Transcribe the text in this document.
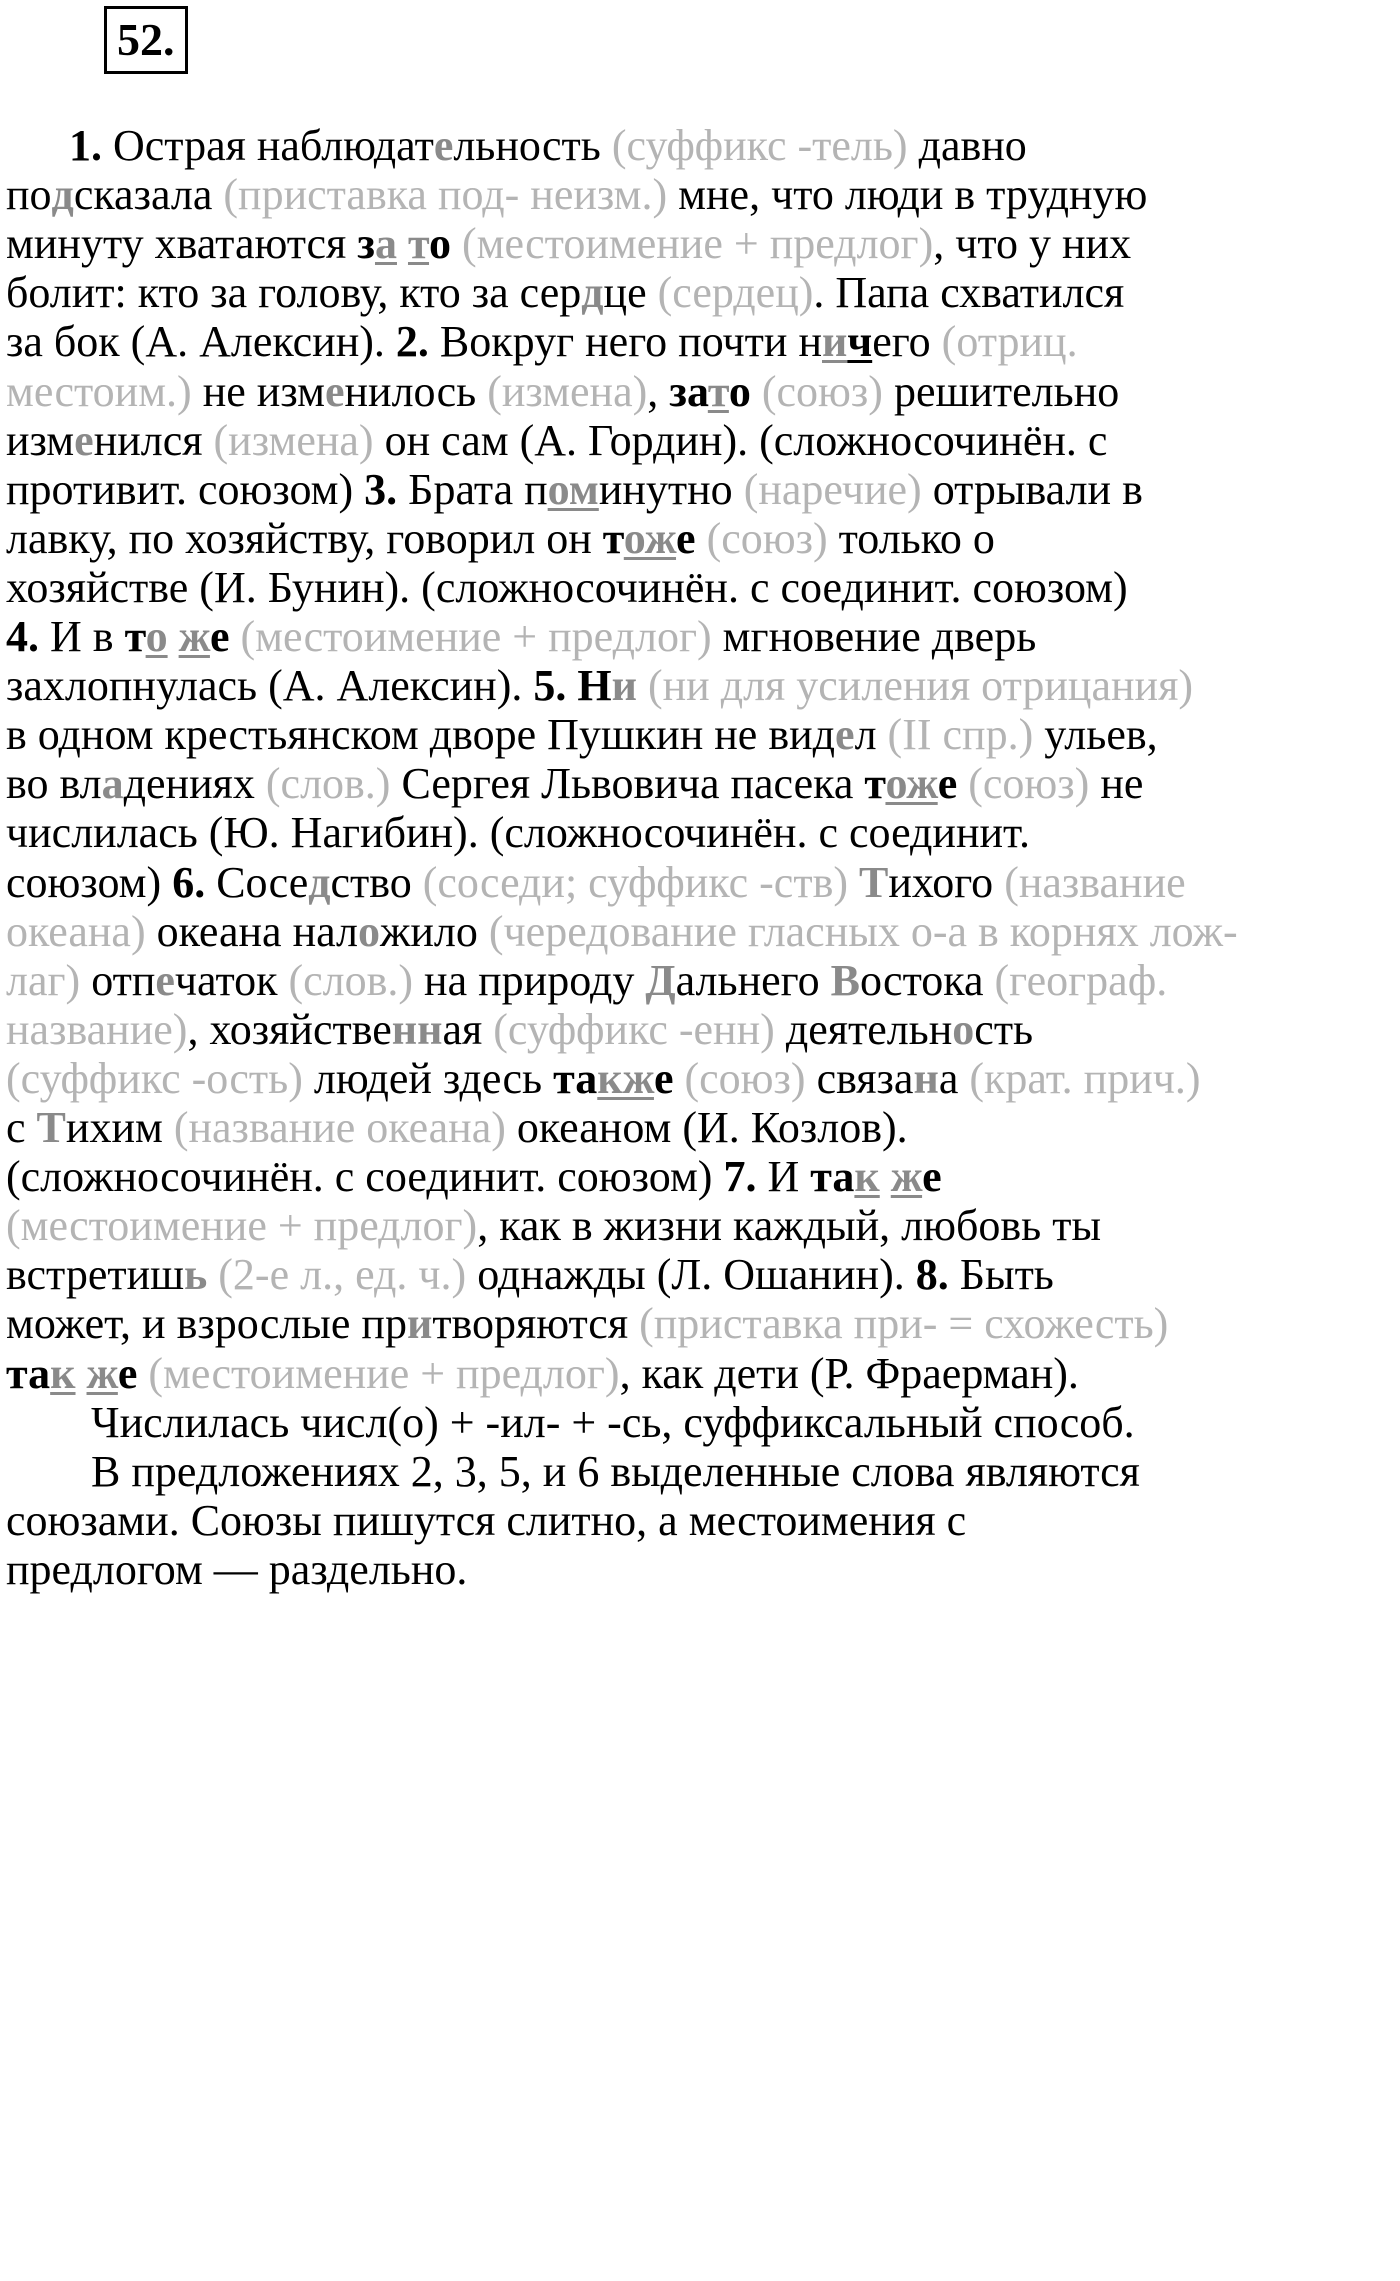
52.
1. Острая наблюдательность (суффикс -тель) давно
подсказала (приставка под- неизм.) мне, что люди в трудную
минуту хватаются за то (местоимение + предлог), что у них
болит: кто за голову, кто за сердце (сердец). Папа схватился
за бок (А. Алексин). 2. Вокруг него почти ничего (отриц.
местоим.) не изменилось (измена), зато (союз) решительно
изменился (измена) он сам (А. Гордин). (сложносочинён. с
противит. союзом) 3. Брата поминутно (наречие) отрывали в
лавку, по хозяйству, говорил он тоже (союз) только о
хозяйстве (И. Бунин). (сложносочинён. с соединит. союзом)
4. И в то же (местоимение + предлог) мгновение дверь
захлопнулась (А. Алексин). 5. Ни (ни для усиления отрицания)
в одном крестьянском дворе Пушкин не видел (II спр.) ульев,
во владениях (слов.) Сергея Львовича пасека тоже (союз) не
числилась (Ю. Нагибин). (сложносочинён. с соединит.
союзом) 6. Соседство (соседи; суффикс -ств) Тихого (название
океана) океана наложило (чередование гласных о-а в корнях лож-
лаг) отпечаток (слов.) на природу Дальнего Востока (географ.
название), хозяйственная (суффикс -енн) деятельность
(суффикс -ость) людей здесь также (союз) связана (крат. прич.)
с Тихим (название океана) океаном (И. Козлов).
(сложносочинён. с соединит. союзом) 7. И так же
(местоимение + предлог), как в жизни каждый, любовь ты
встретишь (2-е л., ед. ч.) однажды (Л. Ошанин). 8. Быть
может, и взрослые притворяются (приставка при- = схожесть)
так же (местоимение + предлог), как дети (Р. Фраерман).
Числилась числ(о) + -ил- + -сь, суффиксальный способ.
В предложениях 2, 3, 5, и 6 выделенные слова являются
союзами. Союзы пишутся слитно, а местоимения с
предлогом — раздельно.
